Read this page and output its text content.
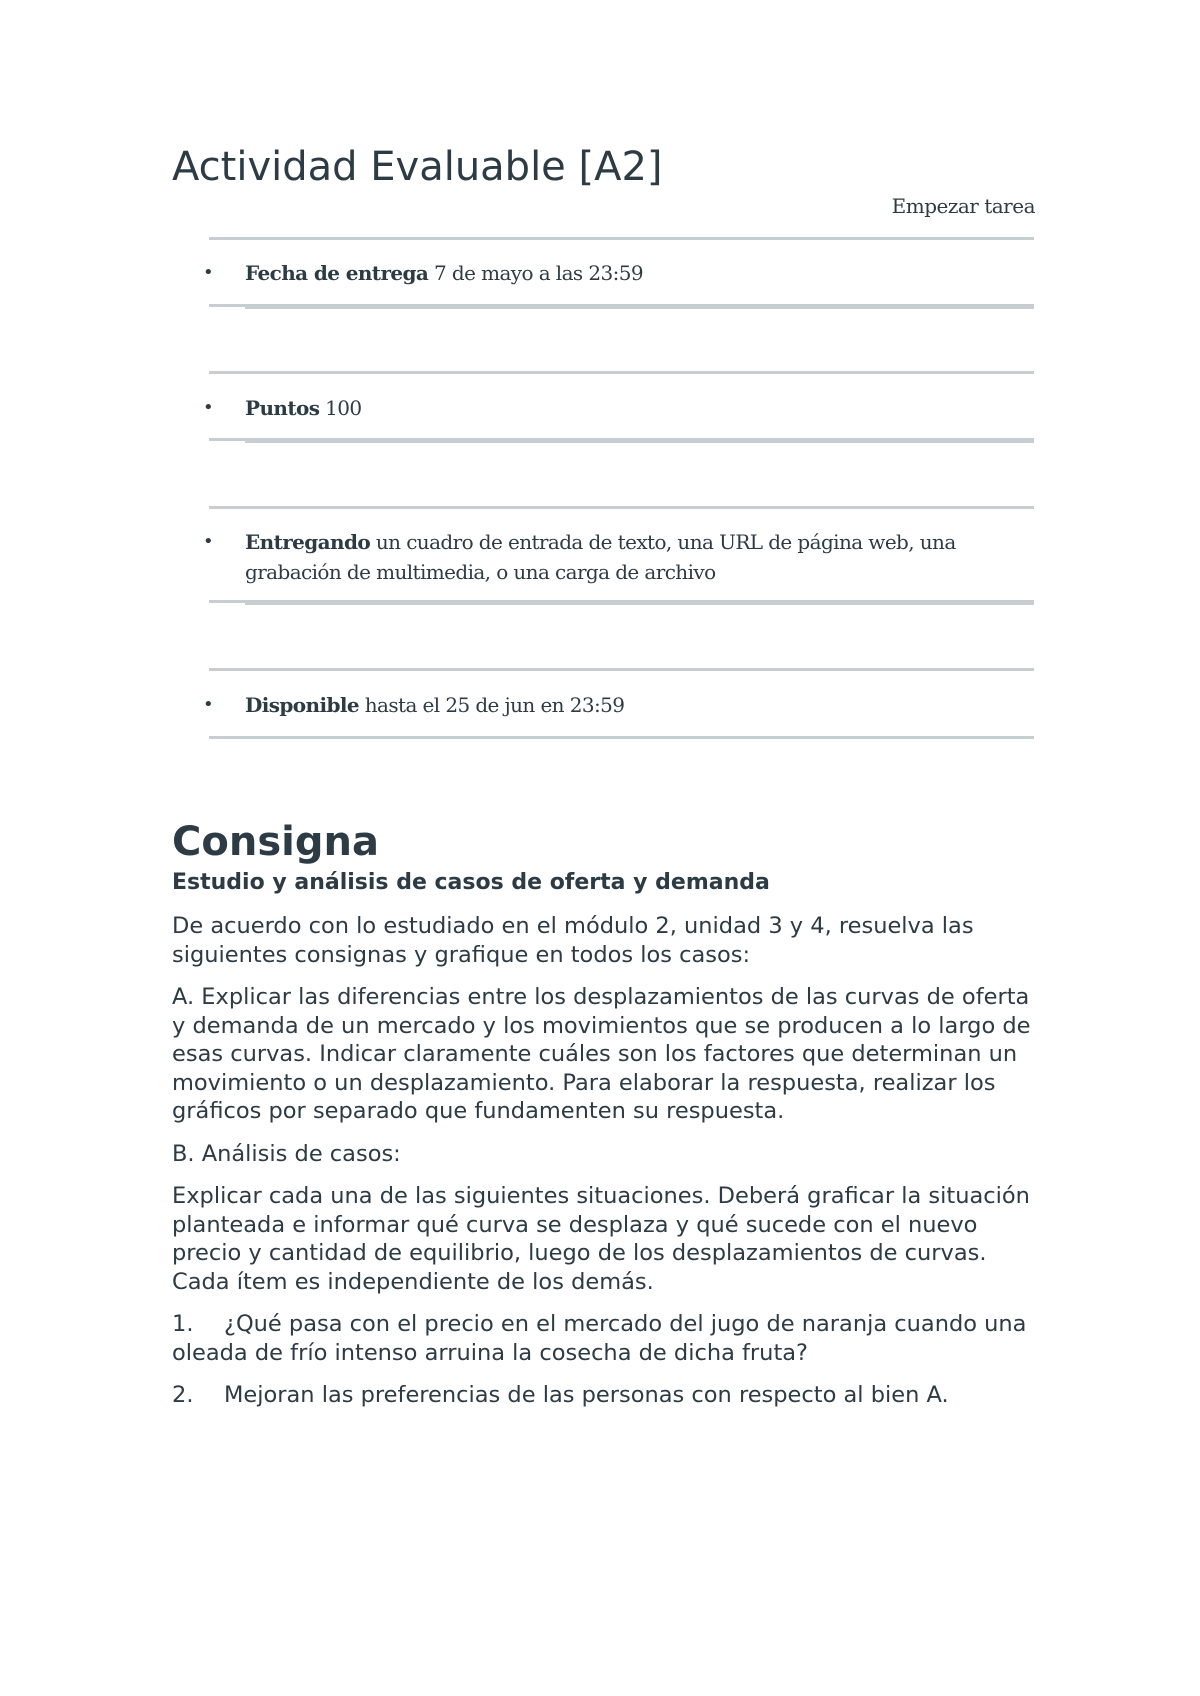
Actividad Evaluable [A2]
Empezar tarea
• Fecha de entrega 7 de mayo a las 23:59
• Puntos 100
• Entregando un cuadro de entrada de texto, una URL de página web, una grabación de multimedia, o una carga de archivo
• Disponible hasta el 25 de jun en 23:59
Consigna
Estudio y análisis de casos de oferta y demanda

De acuerdo con lo estudiado en el módulo 2, unidad 3 y 4, resuelva las siguientes consignas y grafique en todos los casos:

A. Explicar las diferencias entre los desplazamientos de las curvas de oferta y demanda de un mercado y los movimientos que se producen a lo largo de esas curvas. Indicar claramente cuáles son los factores que determinan un movimiento o un desplazamiento. Para elaborar la respuesta, realizar los gráficos por separado que fundamenten su respuesta.

B. Análisis de casos:

Explicar cada una de las siguientes situaciones. Deberá graficar la situación planteada e informar qué curva se desplaza y qué sucede con el nuevo precio y cantidad de equilibrio, luego de los desplazamientos de curvas. Cada ítem es independiente de los demás.

1. ¿Qué pasa con el precio en el mercado del jugo de naranja cuando una oleada de frío intenso arruina la cosecha de dicha fruta?

2. Mejoran las preferencias de las personas con respecto al bien A.
